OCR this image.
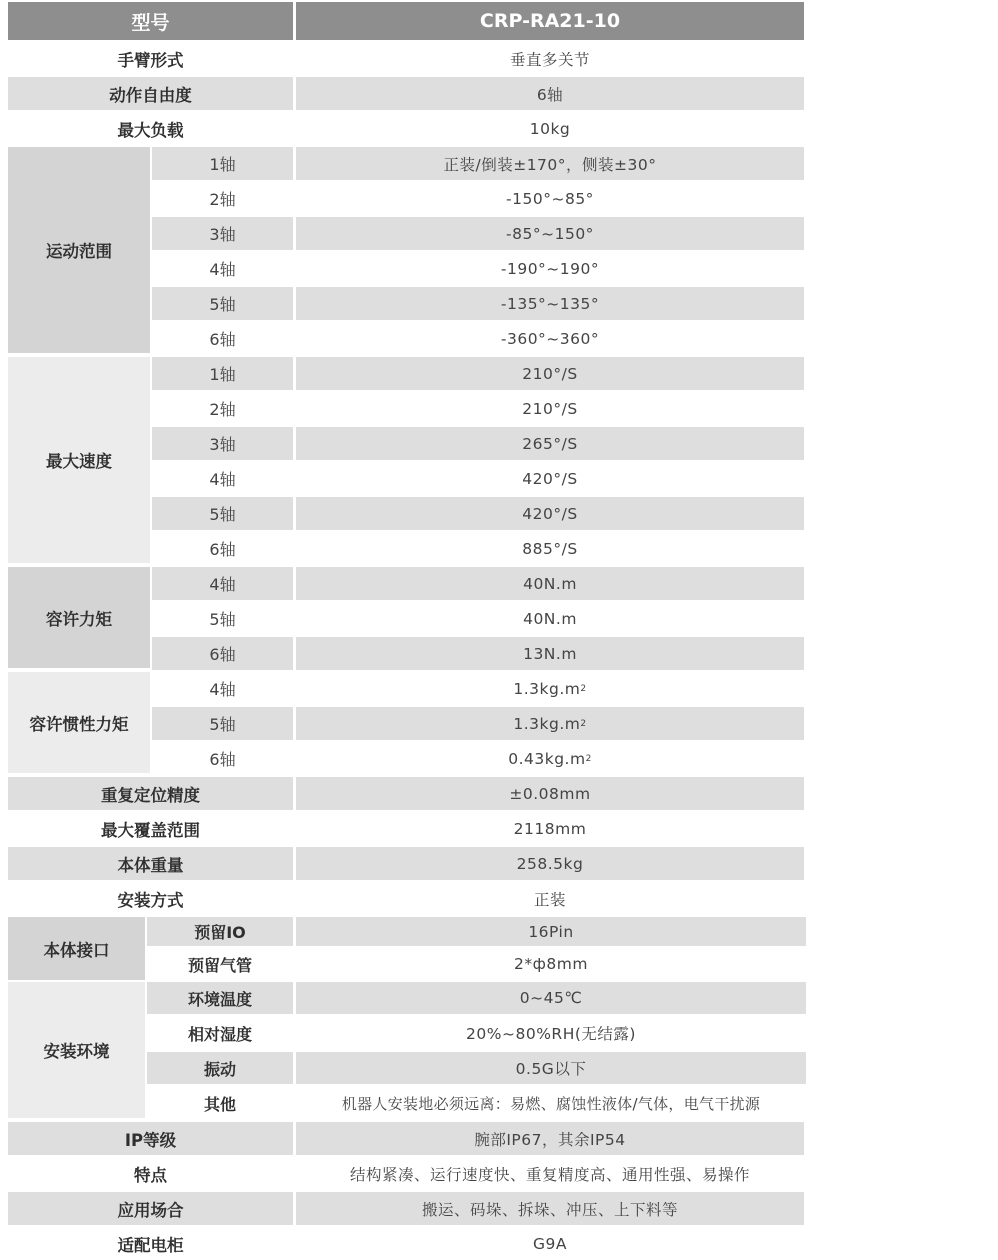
型号	CRP-RA21-10
手臂形式	垂直多关节
动作自由度	6轴
最大负载	10kg
运动范围
1轴	正装/倒装±170°，侧装±30°
2轴	-150°~85°
3轴	-85°~150°
4轴	-190°~190°
5轴	-135°~135°
6轴	-360°~360°
最大速度
1轴	210°/S
2轴	210°/S
3轴	265°/S
4轴	420°/S
5轴	420°/S
6轴	885°/S
容许力矩
4轴	40N.m
5轴	40N.m
6轴	13N.m
容许惯性力矩
4轴	1.3kg.m 2
5轴	1.3kg.m 2
6轴	0.43kg.m 2
重复定位精度	±0.08mm
最大覆盖范围	2118mm
本体重量	258.5kg
安装方式	正装
本体接口
预留IO	16Pin
预留气管	2*ф8mm
安装环境
环境温度	0~45℃
相对湿度	20%~80%RH(无结露)
振动	0.5G以下
其他	机器人安装地必须远离：易燃、腐蚀性液体/气体，电气干扰源
IP等级	腕部IP67，其余IP54
特点	结构紧凑、运行速度快、重复精度高、通用性强、易操作
应用场合	搬运、码垛、拆垛、冲压、上下料等
适配电柜	G9A
